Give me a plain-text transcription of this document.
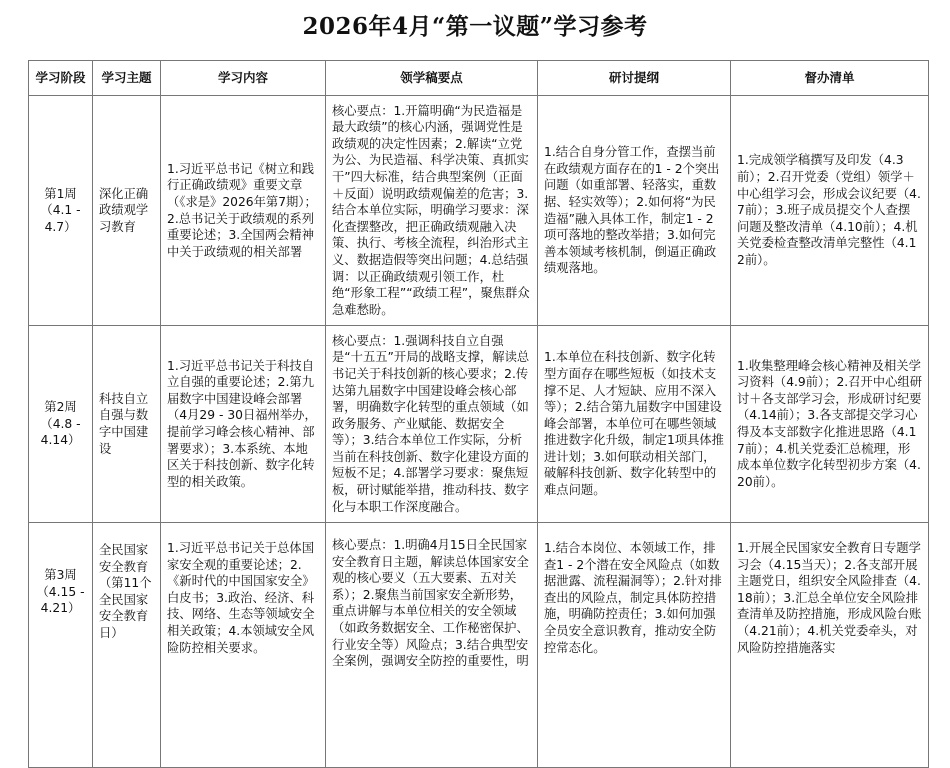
2026年4月“第一议题”学习参考
学习阶段	学习主题	学习内容	领学稿要点	研讨提纲	督办清单
第1周（4.1 - 4.7）	深化正确政绩观学习教育	1.习近平总书记《树立和践行正确政绩观》重要文章（《求是》2026年第7期）；2.总书记关于政绩观的系列重要论述；3.全国两会精神中关于政绩观的相关部署	核心要点：1.开篇明确“为民造福是最大政绩”的核心内涵，强调党性是政绩观的决定性因素；2.解读“立党为公、为民造福、科学决策、真抓实干”四大标准，结合典型案例（正面＋反面）说明政绩观偏差的危害；3.结合本单位实际，明确学习要求：深化查摆整改，把正确政绩观融入决策、执行、考核全流程，纠治形式主义、数据造假等突出问题；4.总结强调：以正确政绩观引领工作，杜绝“形象工程”“政绩工程”，聚焦群众急难愁盼。	1.结合自身分管工作，查摆当前在政绩观方面存在的1 - 2个突出问题（如重部署、轻落实，重数据、轻实效等）；2.如何将“为民造福”融入具体工作，制定1 - 2项可落地的整改举措；3.如何完善本领域考核机制，倒逼正确政绩观落地。	1.完成领学稿撰写及印发（4.3前）；2.召开党委（党组）领学＋中心组学习会，形成会议纪要（4.7前）；3.班子成员提交个人查摆问题及整改清单（4.10前）；4.机关党委检查整改清单完整性（4.12前）。
第2周（4.8 - 4.14）	科技自立自强与数字中国建设	1.习近平总书记关于科技自立自强的重要论述；2.第九届数字中国建设峰会部署（4月29 - 30日福州举办，提前学习峰会核心精神、部署要求）；3.本系统、本地区关于科技创新、数字化转型的相关政策。	核心要点：1.强调科技自立自强是“十五五”开局的战略支撑，解读总书记关于科技创新的核心要求；2.传达第九届数字中国建设峰会核心部署，明确数字化转型的重点领域（如政务服务、产业赋能、数据安全等）；3.结合本单位工作实际，分析当前在科技创新、数字化建设方面的短板不足；4.部署学习要求：聚焦短板，研讨赋能举措，推动科技、数字化与本职工作深度融合。	1.本单位在科技创新、数字化转型方面存在哪些短板（如技术支撑不足、人才短缺、应用不深入等）；2.结合第九届数字中国建设峰会部署，本单位可在哪些领域推进数字化升级，制定1项具体推进计划；3.如何联动相关部门，破解科技创新、数字化转型中的难点问题。	1.收集整理峰会核心精神及相关学习资料（4.9前）；2.召开中心组研讨＋各支部学习会，形成研讨纪要（4.14前）；3.各支部提交学习心得及本支部数字化推进思路（4.17前）；4.机关党委汇总梳理，形成本单位数字化转型初步方案（4.20前）。
第3周（4.15 - 4.21）	全民国家安全教育（第11个全民国家安全教育日）	1.习近平总书记关于总体国家安全观的重要论述；2.《新时代的中国国家安全》白皮书；3.政治、经济、科技、网络、生态等领域安全相关政策；4.本领域安全风险防控相关要求。	核心要点：1.明确4月15日全民国家安全教育日主题，解读总体国家安全观的核心要义（五大要素、五对关系）；2.聚焦当前国家安全新形势，重点讲解与本单位相关的安全领域（如政务数据安全、工作秘密保护、行业安全等）风险点；3.结合典型安全案例，强调安全防控的重要性，明	1.结合本岗位、本领域工作，排查1 - 2个潜在安全风险点（如数据泄露、流程漏洞等）；2.针对排查出的风险点，制定具体防控措施，明确防控责任；3.如何加强全员安全意识教育，推动安全防控常态化。	1.开展全民国家安全教育日专题学习会（4.15当天）；2.各支部开展主题党日，组织安全风险排查（4.18前）；3.汇总全单位安全风险排查清单及防控措施，形成风险台账（4.21前）；4.机关党委牵头，对风险防控措施落实
